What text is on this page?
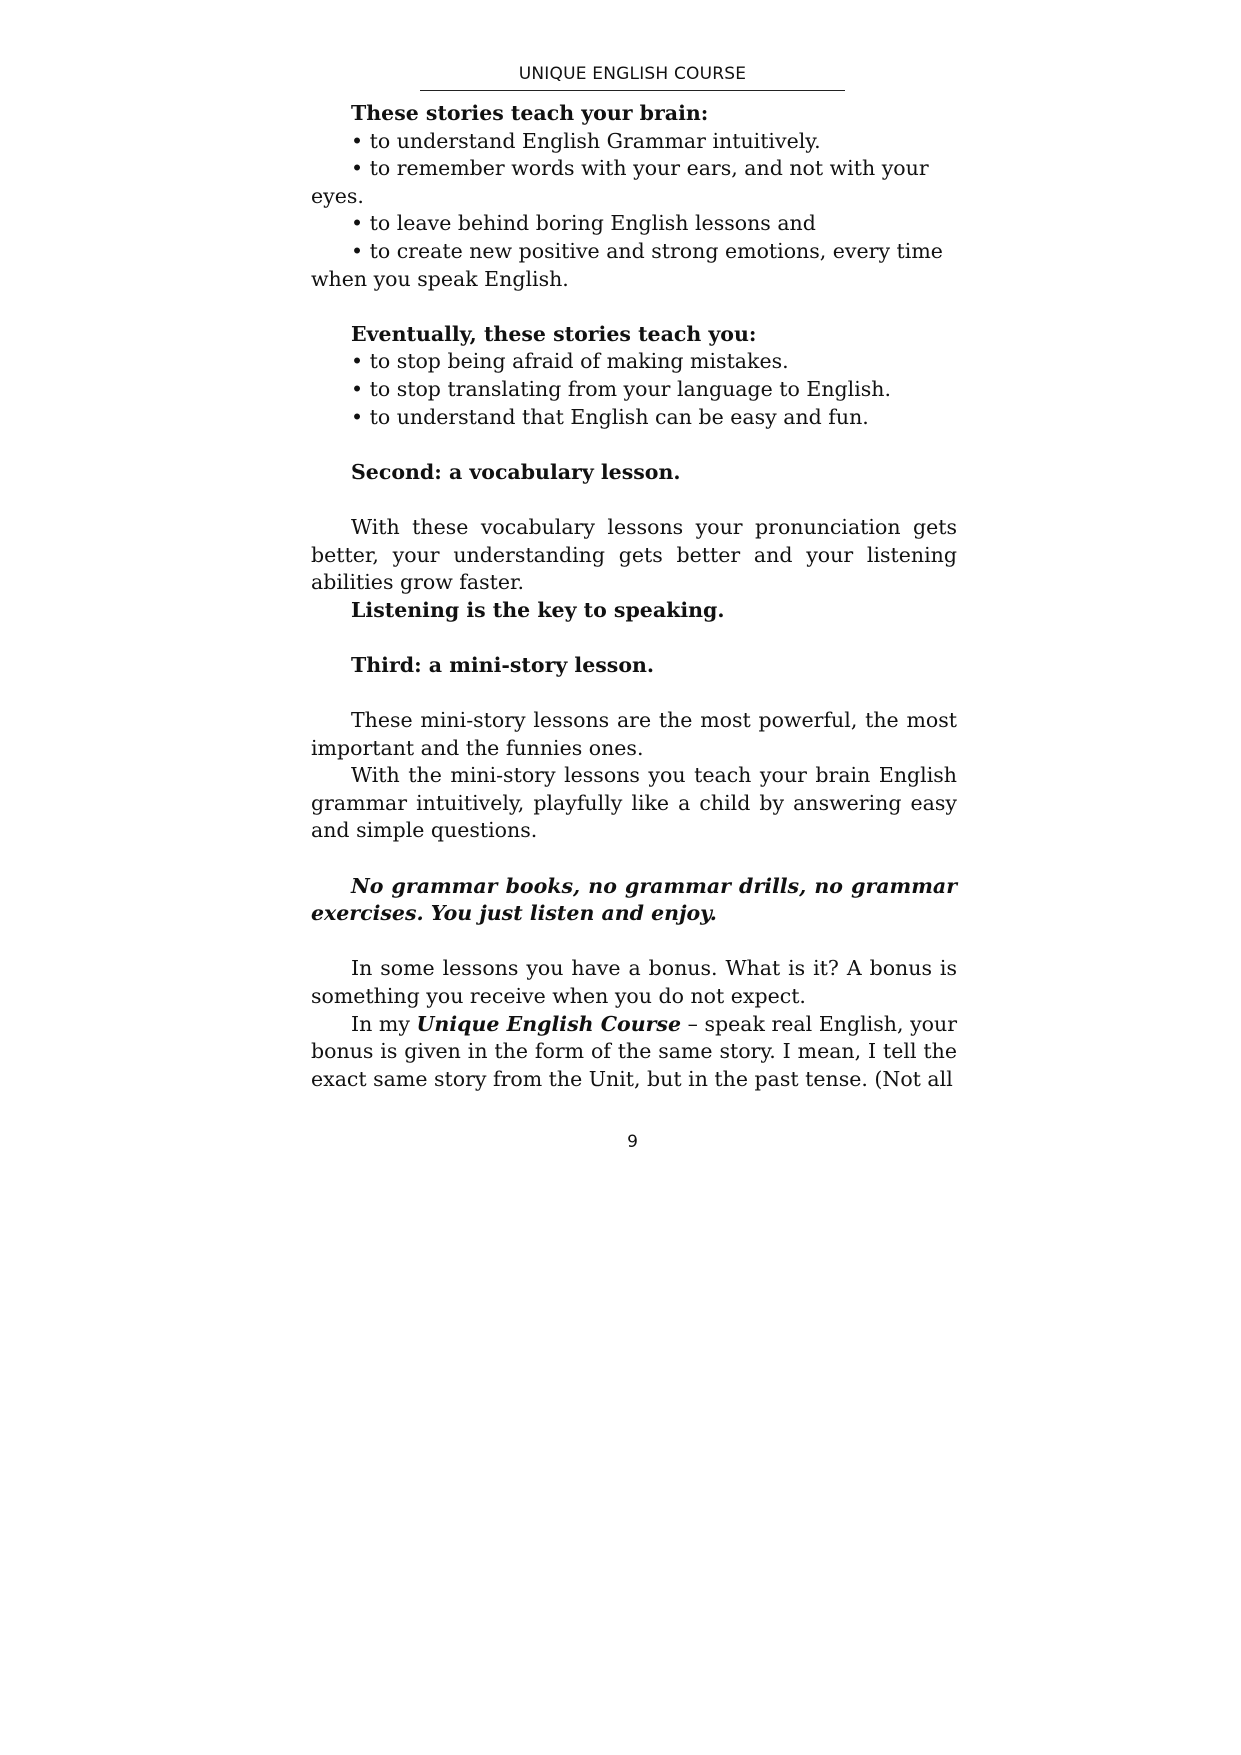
UNIQUE ENGLISH COURSE

These stories teach your brain:

• to understand English Grammar intuitively.

• to remember words with your ears, and not with your eyes.

• to leave behind boring English lessons and

• to create new positive and strong emotions, every time when you speak English.

Eventually, these stories teach you:

• to stop being afraid of making mistakes.

• to stop translating from your language to English.

• to understand that English can be easy and fun.

Second: a vocabulary lesson.

With these vocabulary lessons your pronunciation gets better, your understanding gets better and your listening abilities grow faster.

Listening is the key to speaking.

Third: a mini-story lesson.

These mini-story lessons are the most powerful, the most important and the funnies ones.

With the mini-story lessons you teach your brain English grammar intuitively, playfully like a child by answering easy and simple questions.

No grammar books, no grammar drills, no grammar exercises. You just listen and enjoy.

In some lessons you have a bonus. What is it? A bonus is something you receive when you do not expect.

In my Unique English Course – speak real English, your bonus is given in the form of the same story. I mean, I tell the exact same story from the Unit, but in the past tense. (Not all

9
